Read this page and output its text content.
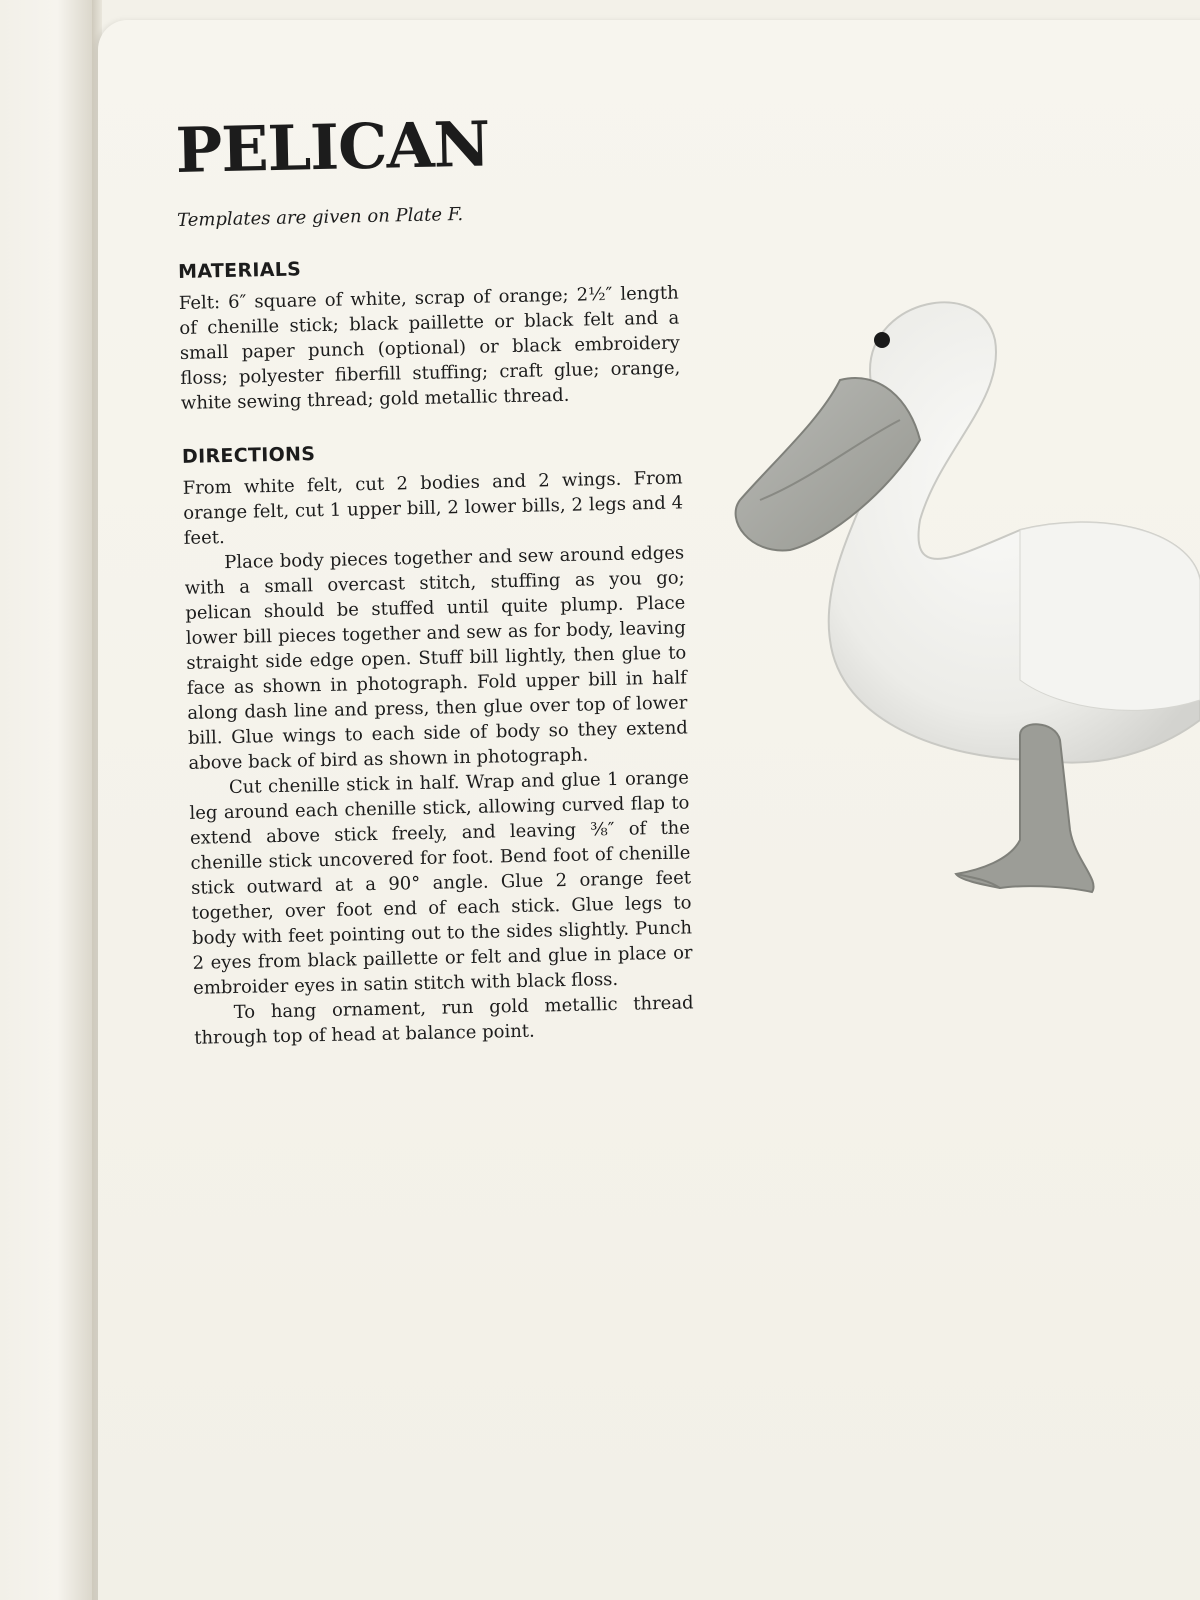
PELICAN

Templates are given on Plate F.

MATERIALS

Felt: 6″ square of white, scrap of orange; 2½″ length of chenille stick; black paillette or black felt and a small paper punch (optional) or black embroidery floss; polyester fiberfill stuffing; craft glue; orange, white sewing thread; gold metallic thread.

DIRECTIONS

From white felt, cut 2 bodies and 2 wings. From orange felt, cut 1 upper bill, 2 lower bills, 2 legs and 4 feet.

Place body pieces together and sew around edges with a small overcast stitch, stuffing as you go; pelican should be stuffed until quite plump. Place lower bill pieces together and sew as for body, leaving straight side edge open. Stuff bill lightly, then glue to face as shown in photograph. Fold upper bill in half along dash line and press, then glue over top of lower bill. Glue wings to each side of body so they extend above back of bird as shown in photograph.

Cut chenille stick in half. Wrap and glue 1 orange leg around each chenille stick, allowing curved flap to extend above stick freely, and leaving ⅜″ of the chenille stick uncovered for foot. Bend foot of chenille stick outward at a 90° angle. Glue 2 orange feet together, over foot end of each stick. Glue legs to body with feet pointing out to the sides slightly. Punch 2 eyes from black paillette or felt and glue in place or embroider eyes in satin stitch with black floss.

To hang ornament, run gold metallic thread through top of head at balance point.
